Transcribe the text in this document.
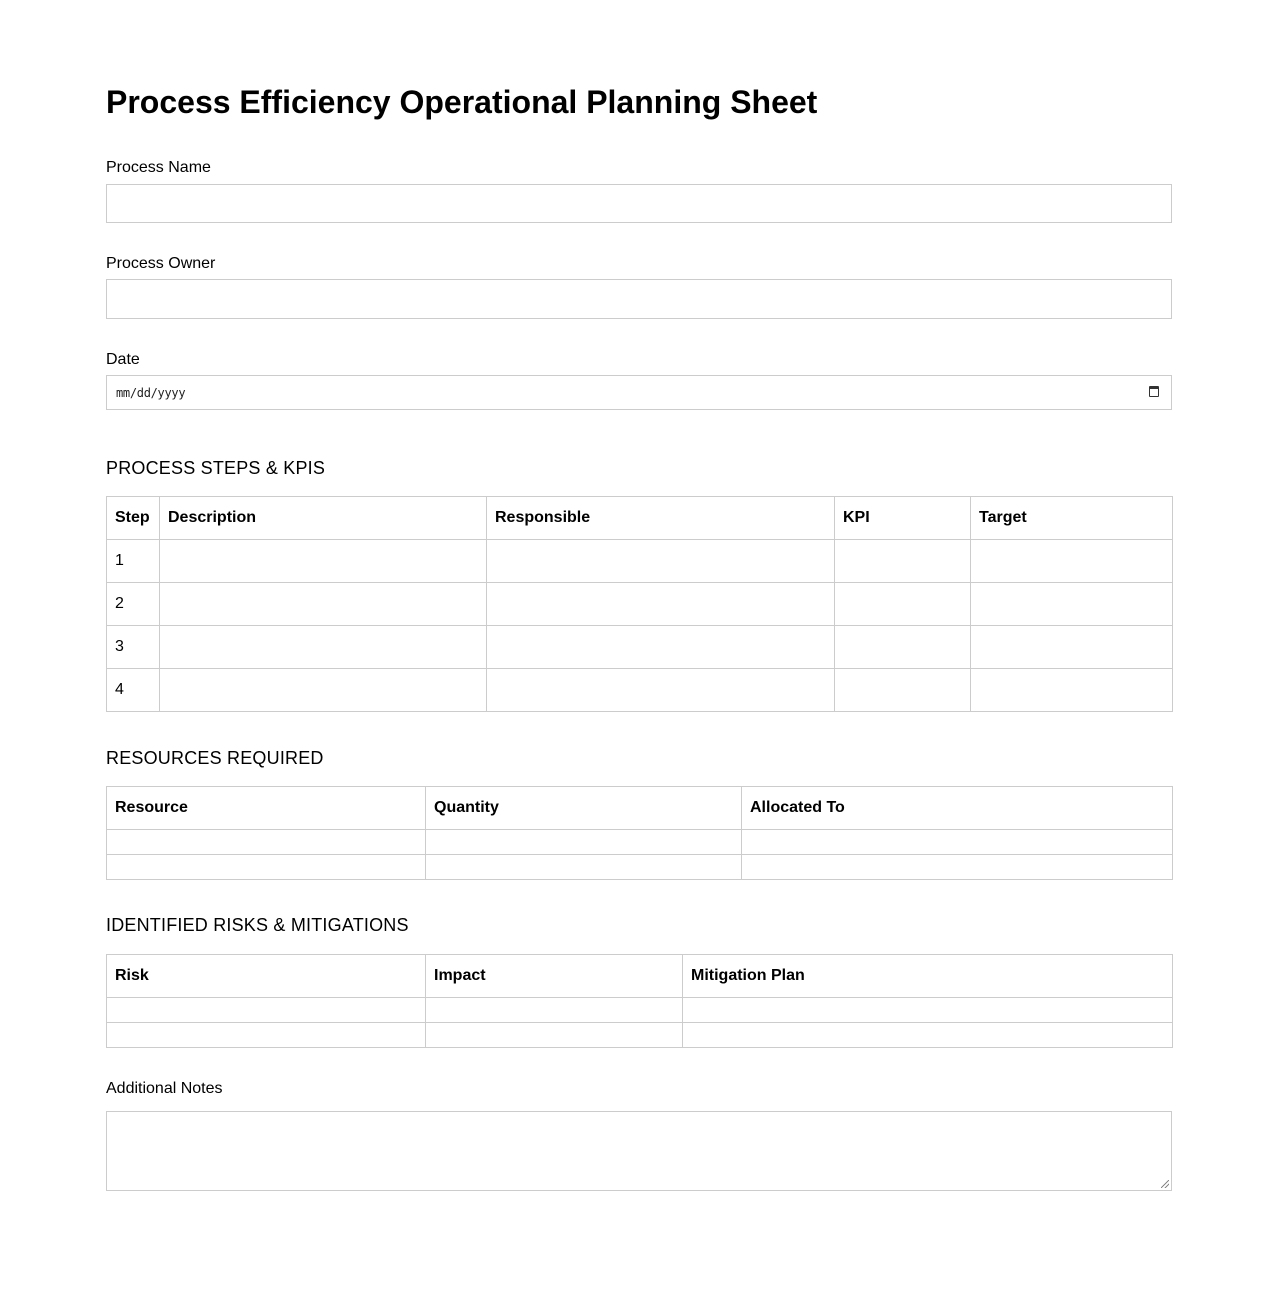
Process Efficiency Operational Planning Sheet
Process Name
Process Owner
Date
mm/dd/yyyy
PROCESS STEPS & KPIS
Step	Description	Responsible	KPI	Target
1				
2				
3				
4				
RESOURCES REQUIRED
Resource	Quantity	Allocated To

IDENTIFIED RISKS & MITIGATIONS
Risk	Impact	Mitigation Plan

Additional Notes
